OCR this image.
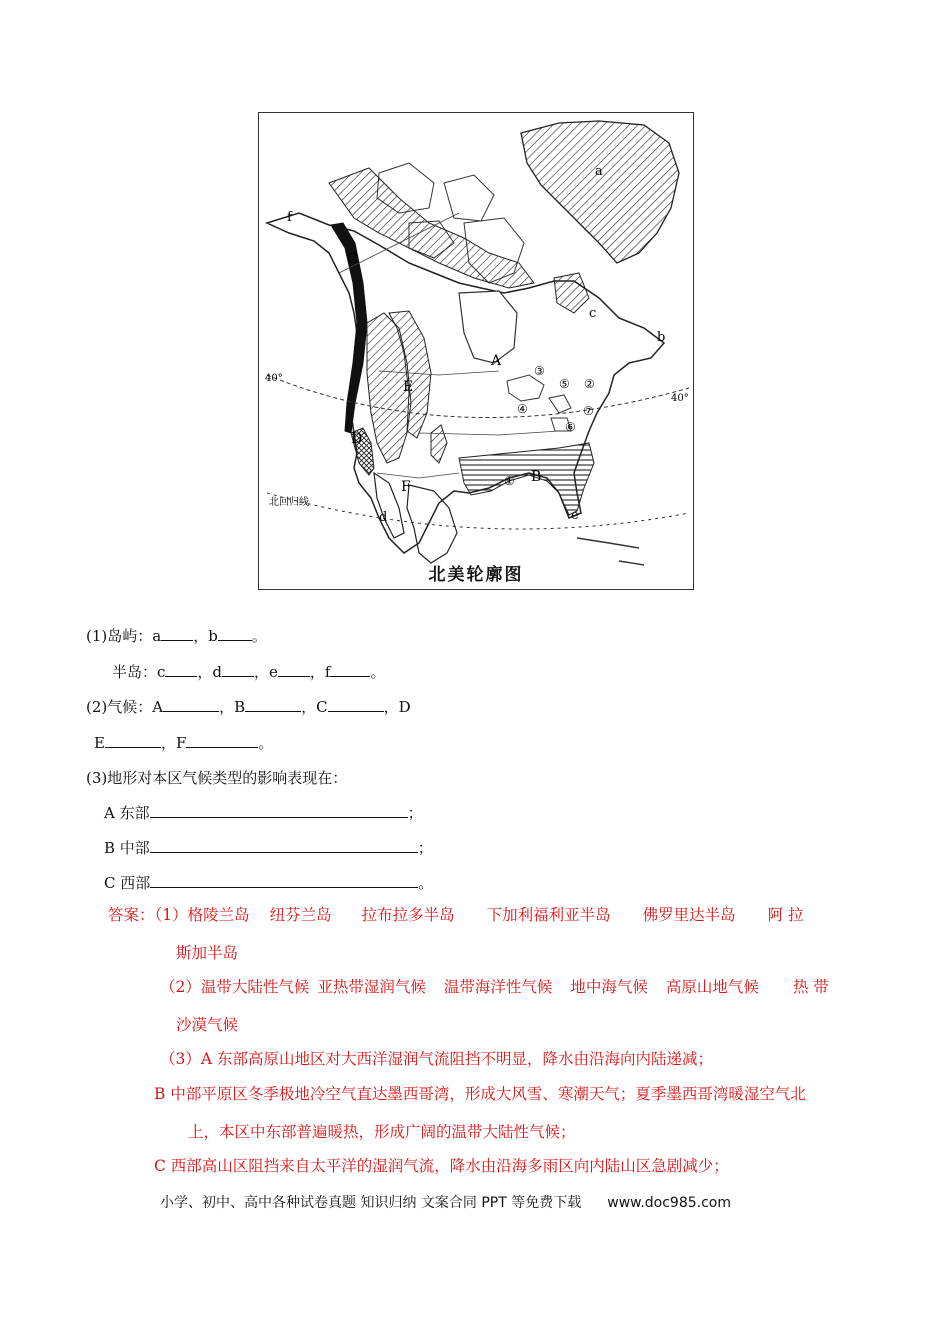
a
b
c
d	e
f
A
B
C
D
E
F	①
②
③
④
⑤
⑥
⑦
40°
40°
北回归线
北美轮廓图
(1)岛屿：a ，b 。
半岛：c ，d ，e ，f	。
(2)气候：A	，B	，C	，D
E	，F	。
(3)地形对本区气候类型的影响表现在：
A 东部	；
B 中部	；
C 西部	。
答案：（1）格陵兰岛 纽芬兰岛 拉布拉多半岛 下加利福利亚半岛 佛罗里达半岛 阿 拉
斯加半岛
（2）温带大陆性气候 亚热带湿润气候 温带海洋性气候 地中海气候 高原山地气候 热 带
沙漠气候
（3）A 东部高原山地区对大西洋湿润气流阻挡不明显，降水由沿海向内陆递减；
B 中部平原区冬季极地冷空气直达墨西哥湾，形成大风雪、寒潮天气；夏季墨西哥湾暖湿空气北
上，本区中东部普遍暖热，形成广阔的温带大陆性气候；
C 西部高山区阻挡来自太平洋的湿润气流，降水由沿海多雨区向内陆山区急剧减少；
小学、初中、高中各种试卷真题 知识归纳 文案合同 PPT 等免费下载 www.doc985.com
